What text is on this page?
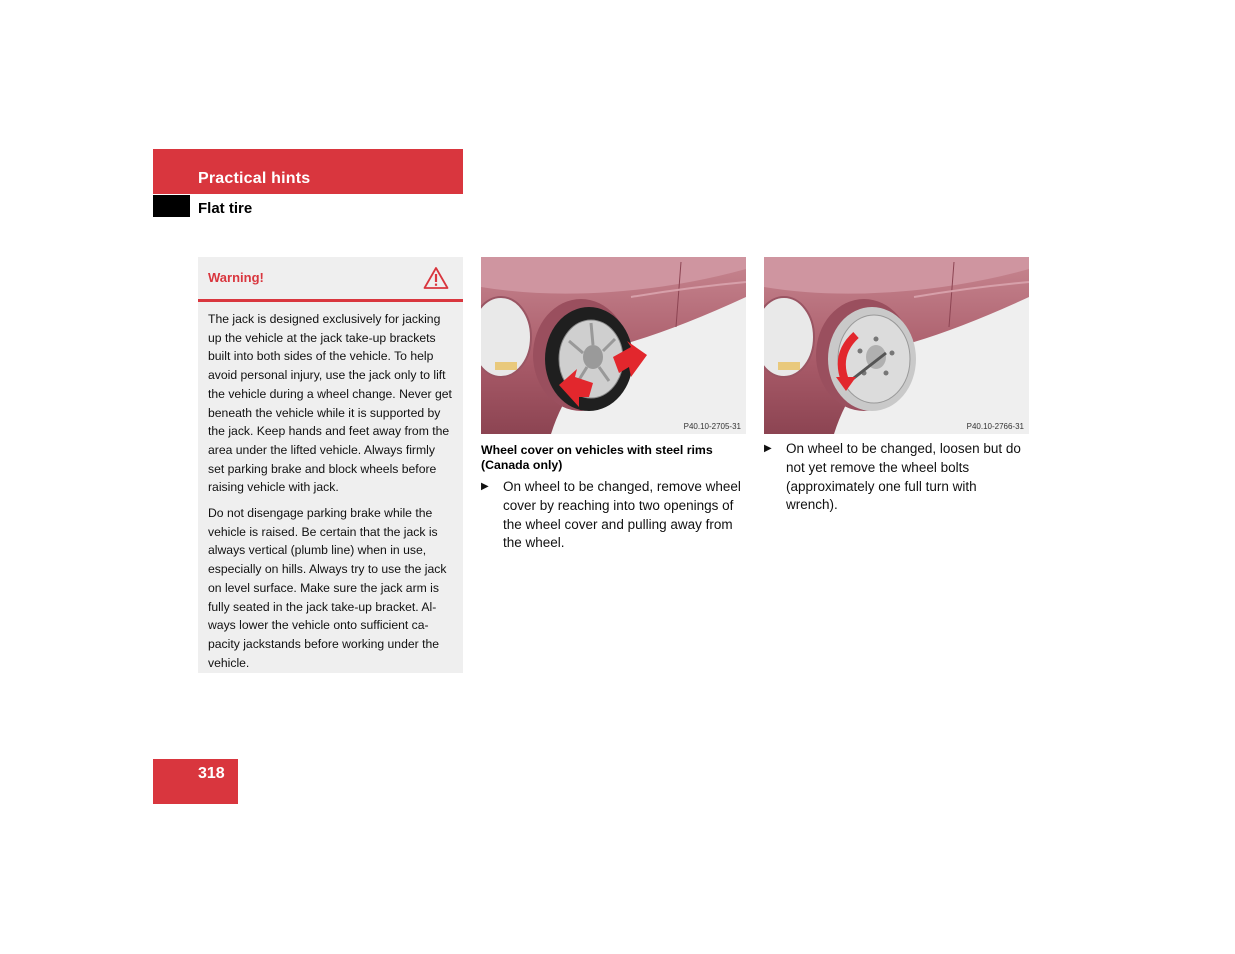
Practical hints
Flat tire
Warning!

The jack is designed exclusively for jacking up the vehicle at the jack take-up brackets built into both sides of the vehicle. To help avoid personal injury, use the jack only to lift the vehicle during a wheel change. Never get beneath the vehicle while it is supported by the jack. Keep hands and feet away from the area under the lifted vehicle. Always firmly set parking brake and block wheels before raising vehicle with jack.

Do not disengage parking brake while the vehicle is raised. Be certain that the jack is always vertical (plumb line) when in use, especially on hills. Always try to use the jack on level surface. Make sure the jack arm is fully seated in the jack take-up bracket. Al-ways lower the vehicle onto sufficient ca-pacity jackstands before working under the vehicle.

P40.10-2705-31	P40.10-2766-31
Wheel cover on vehicles with steel rims (Canada only)
▶ On wheel to be changed, remove wheel cover by reaching into two openings of the wheel cover and pulling away from the wheel.
▶ On wheel to be changed, loosen but do not yet remove the wheel bolts (approximately one full turn with wrench).
318
